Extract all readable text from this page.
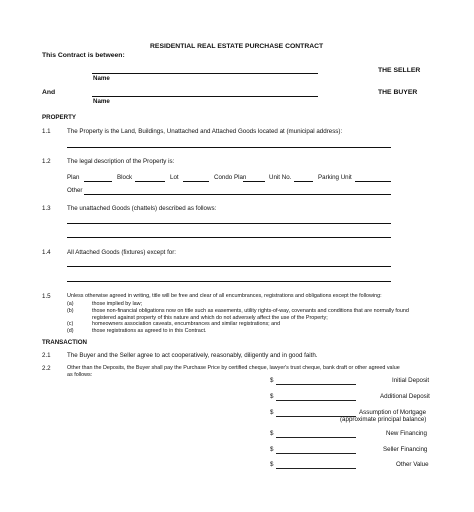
RESIDENTIAL REAL ESTATE PURCHASE CONTRACT
This Contract is between:
Name
THE SELLER
And
Name
THE BUYER
PROPERTY
1.1	The Property is the Land, Buildings, Unattached and Attached Goods located at (municipal address):
1.2	The legal description of the Property is:
Plan	Block	Lot	Condo Plan	Unit No.	Parking Unit
Other
1.3	The unattached Goods (chattels) described as follows:
1.4	All Attached Goods (fixtures) except for:
1.5	Unless otherwise agreed in writing, title will be free and clear of all encumbrances, registrations and obligations except the following:
(a)	those implied by law;
(b)	those non-financial obligations now on title such as easements, utility rights-of-way, covenants and conditions that are normally found
registered against property of this nature and which do not adversely affect the use of the Property;
(c)	homeowners association caveats, encumbrances and similar registrations; and
(d)	those registrations as agreed to in this Contract.
TRANSACTION
2.1	The Buyer and the Seller agree to act cooperatively, reasonably, diligently and in good faith.
2.2	Other than the Deposits, the Buyer shall pay the Purchase Price by certified cheque, lawyer's trust cheque, bank draft or other agreed value
as follows:
$	Initial Deposit
$	Additional Deposit
$	Assumption of Mortgage
(approximate principal balance)
$	New Financing
$	Seller Financing
$	Other Value
